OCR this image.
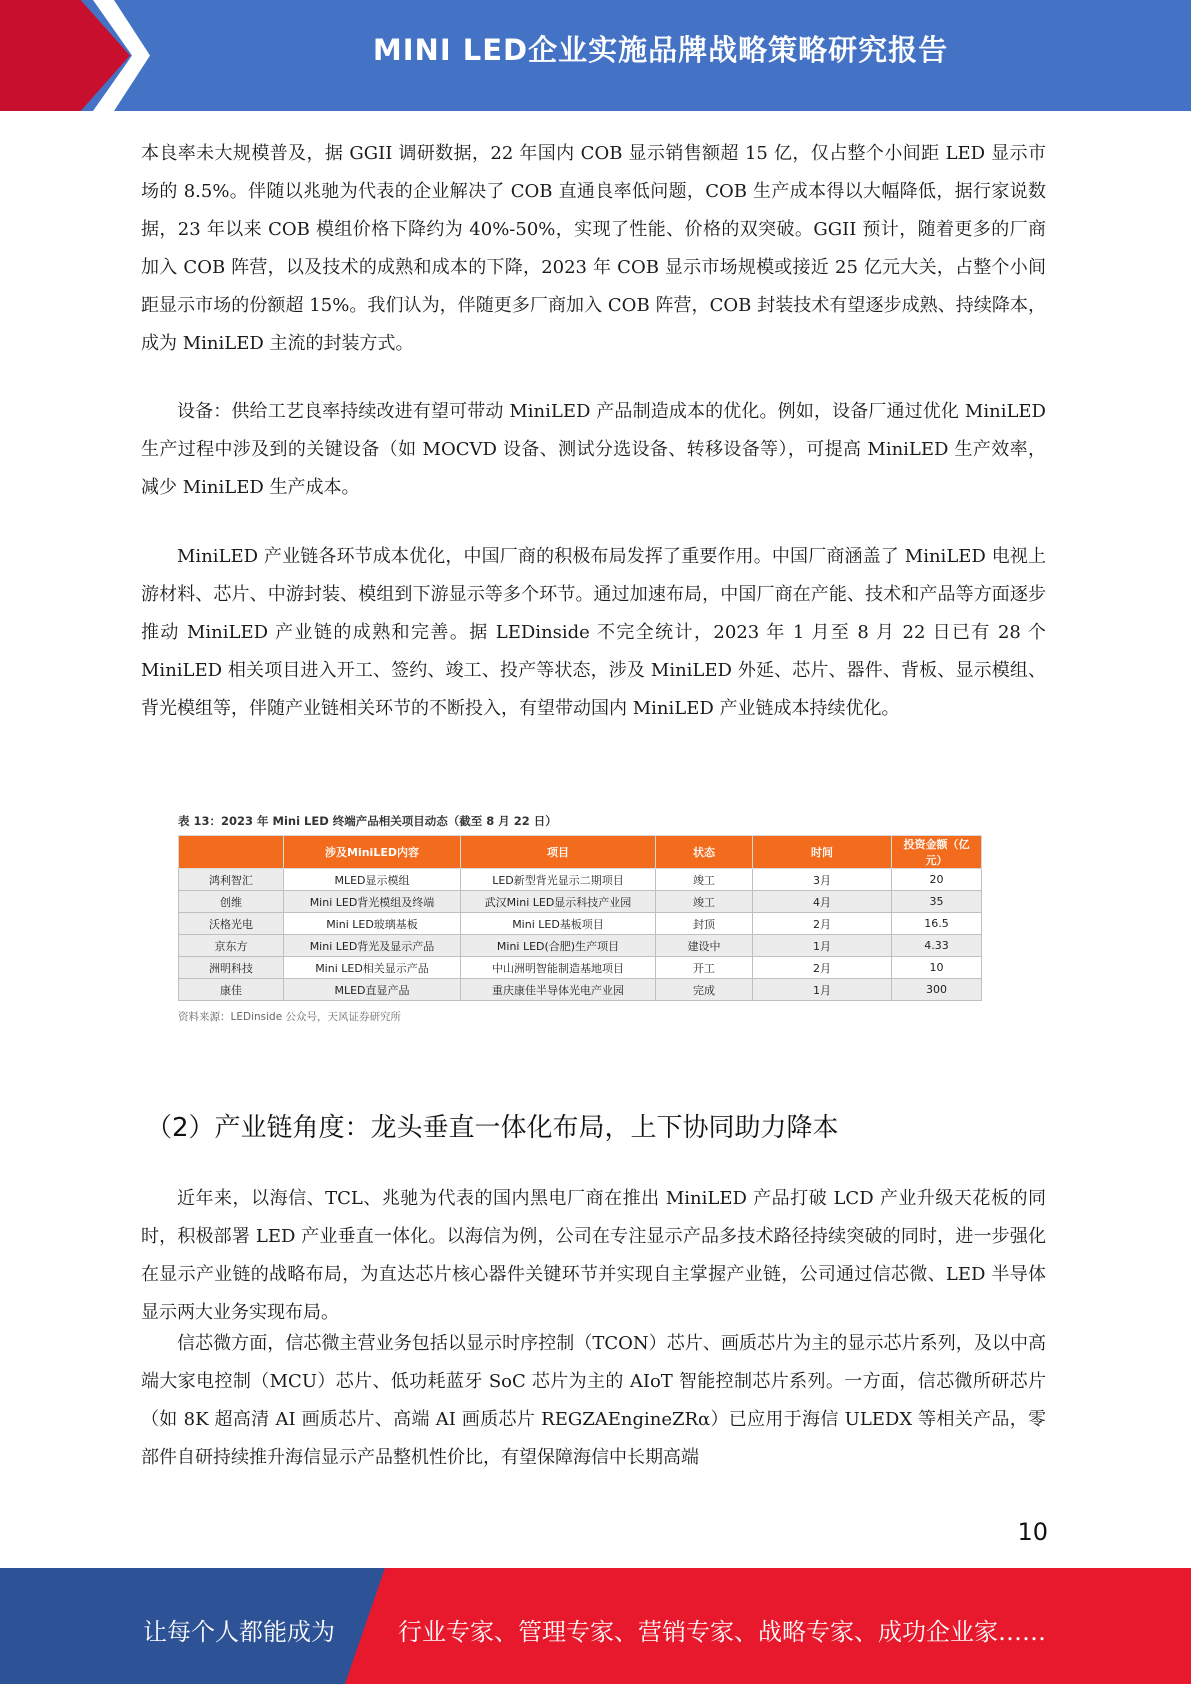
MINI LED企业实施品牌战略策略研究报告

本良率未大规模普及，据 GGII 调研数据，22 年国内 COB 显示销售额超 15 亿，仅占整个小间距 LED 显示市场的 8.5%。伴随以兆驰为代表的企业解决了 COB 直通良率低问题，COB 生产成本得以大幅降低，据行家说数据，23 年以来 COB 模组价格下降约为 40%-50%，实现了性能、价格的双突破。GGII 预计，随着更多的厂商加入 COB 阵营，以及技术的成熟和成本的下降，2023 年 COB 显示市场规模或接近 25 亿元大关，占整个小间距显示市场的份额超 15%。我们认为，伴随更多厂商加入 COB 阵营，COB 封装技术有望逐步成熟、持续降本，成为 MiniLED 主流的封装方式。

设备：供给工艺良率持续改进有望可带动 MiniLED 产品制造成本的优化。例如，设备厂通过优化 MiniLED 生产过程中涉及到的关键设备（如 MOCVD 设备、测试分选设备、转移设备等），可提高 MiniLED 生产效率，减少 MiniLED 生产成本。

MiniLED 产业链各环节成本优化，中国厂商的积极布局发挥了重要作用。中国厂商涵盖了 MiniLED 电视上游材料、芯片、中游封装、模组到下游显示等多个环节。通过加速布局，中国厂商在产能、技术和产品等方面逐步推动 MiniLED 产业链的成熟和完善。据 LEDinside 不完全统计，2023 年 1 月至 8 月 22 日已有 28 个 MiniLED 相关项目进入开工、签约、竣工、投产等状态，涉及 MiniLED 外延、芯片、器件、背板、显示模组、背光模组等，伴随产业链相关环节的不断投入，有望带动国内 MiniLED 产业链成本持续优化。

表 13：2023 年 Mini LED 终端产品相关项目动态（截至 8 月 22 日）
	涉及MiniLED内容	项目	状态	时间	投资金额（亿元）
鸿利智汇	MLED显示模组	LED新型背光显示二期项目	竣工	3月	20
创维	Mini LED背光模组及终端	武汉Mini LED显示科技产业园	竣工	4月	35
沃格光电	Mini LED玻璃基板	Mini LED基板项目	封顶	2月	16.5
京东方	Mini LED背光及显示产品	Mini LED(合肥)生产项目	建设中	1月	4.33
洲明科技	Mini LED相关显示产品	中山洲明智能制造基地项目	开工	2月	10
康佳	MLED直显产品	重庆康佳半导体光电产业园	完成	1月	300
资料来源：LEDinside 公众号，天风证券研究所
（2）产业链角度：龙头垂直一体化布局，上下协同助力降本

近年来，以海信、TCL、兆驰为代表的国内黑电厂商在推出 MiniLED 产品打破 LCD 产业升级天花板的同时，积极部署 LED 产业垂直一体化。以海信为例，公司在专注显示产品多技术路径持续突破的同时，进一步强化在显示产业链的战略布局，为直达芯片核心器件关键环节并实现自主掌握产业链，公司通过信芯微、LED 半导体显示两大业务实现布局。

信芯微方面，信芯微主营业务包括以显示时序控制（TCON）芯片、画质芯片为主的显示芯片系列，及以中高端大家电控制（MCU）芯片、低功耗蓝牙 SoC 芯片为主的 AIoT 智能控制芯片系列。一方面，信芯微所研芯片（如 8K 超高清 AI 画质芯片、高端 AI 画质芯片 REGZAEngineZRα）已应用于海信 ULEDX 等相关产品，零部件自研持续推升海信显示产品整机性价比，有望保障海信中长期高端

10
让每个人都能成为	行业专家、管理专家、营销专家、战略专家、成功企业家……
